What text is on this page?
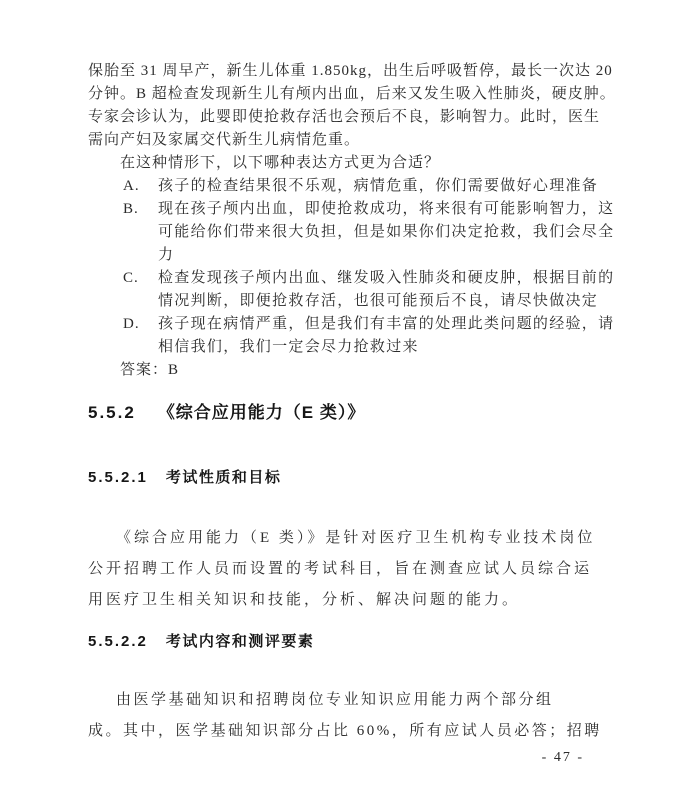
保胎至 31 周早产，新生儿体重 1.850kg，出生后呼吸暂停，最长一次达 20
分钟。B 超检查发现新生儿有颅内出血，后来又发生吸入性肺炎，硬皮肿。
专家会诊认为，此婴即使抢救存活也会预后不良，影响智力。此时，医生
需向产妇及家属交代新生儿病情危重。
在这种情形下，以下哪种表达方式更为合适？
A.	孩子的检查结果很不乐观，病情危重，你们需要做好心理准备
B.	现在孩子颅内出血，即使抢救成功，将来很有可能影响智力，这
可能给你们带来很大负担，但是如果你们决定抢救，我们会尽全
力
C.	检查发现孩子颅内出血、继发吸入性肺炎和硬皮肿，根据目前的
情况判断，即便抢救存活，也很可能预后不良，请尽快做决定
D.	孩子现在病情严重，但是我们有丰富的处理此类问题的经验，请
相信我们，我们一定会尽力抢救过来
答案：B
5.5.2 《综合应用能力（E 类）》
5.5.2.1 考试性质和目标
《综合应用能力（E 类）》是针对医疗卫生机构专业技术岗位
公开招聘工作人员而设置的考试科目，旨在测查应试人员综合运
用医疗卫生相关知识和技能，分析、解决问题的能力。
5.5.2.2 考试内容和测评要素
由医学基础知识和招聘岗位专业知识应用能力两个部分组
成。其中，医学基础知识部分占比 60%，所有应试人员必答；招聘
- 47 -
